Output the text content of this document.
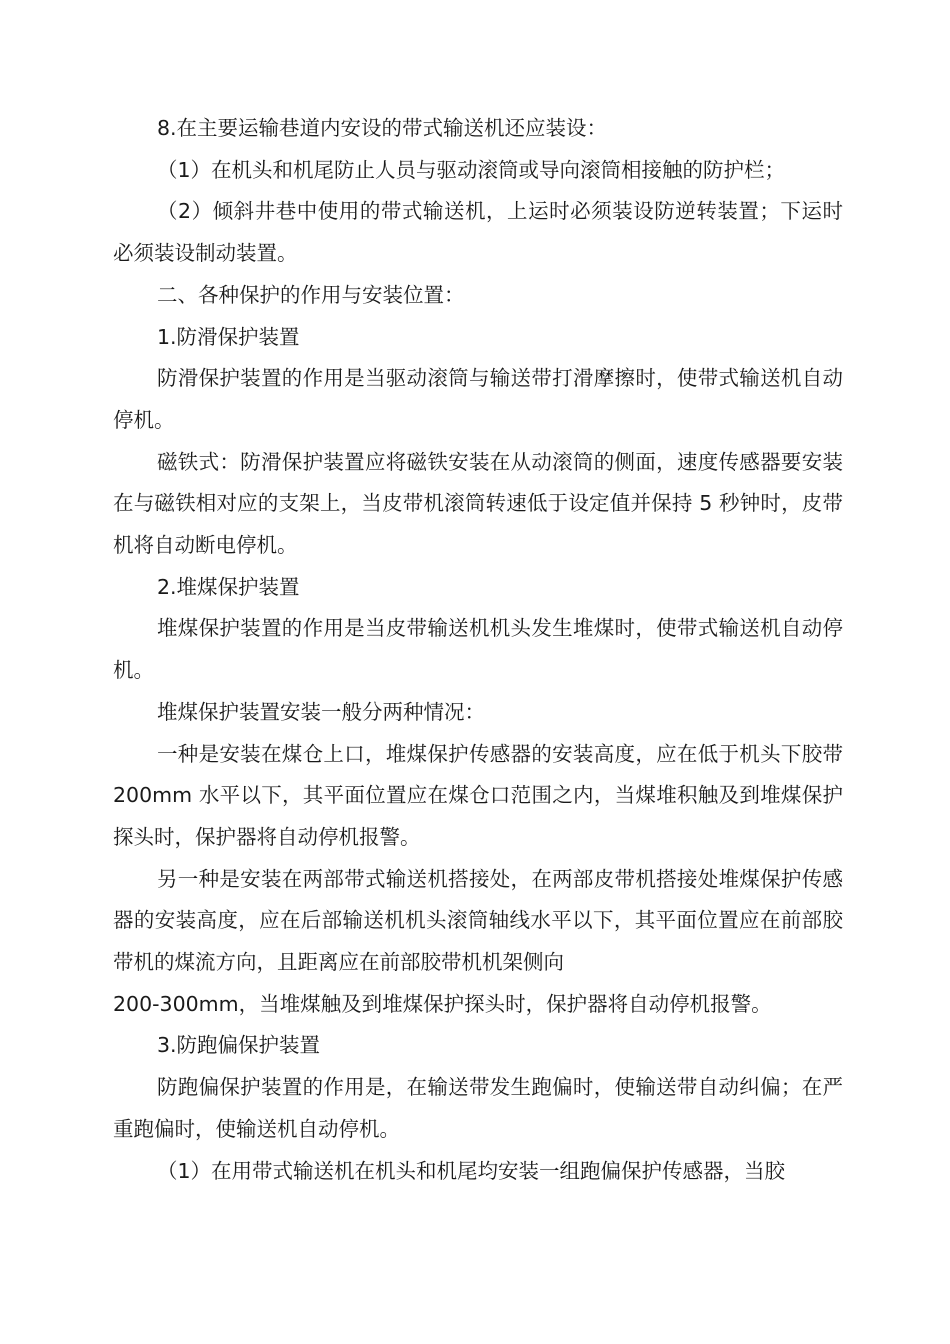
8.在主要运输巷道内安设的带式输送机还应装设：

（1）在机头和机尾防止人员与驱动滚筒或导向滚筒相接触的防护栏；

（2）倾斜井巷中使用的带式输送机，上运时必须装设防逆转装置；下运时必须装设制动装置。

二、各种保护的作用与安装位置：

1.防滑保护装置

防滑保护装置的作用是当驱动滚筒与输送带打滑摩擦时，使带式输送机自动停机。

磁铁式：防滑保护装置应将磁铁安装在从动滚筒的侧面，速度传感器要安装在与磁铁相对应的支架上，当皮带机滚筒转速低于设定值并保持 5 秒钟时，皮带机将自动断电停机。

2.堆煤保护装置

堆煤保护装置的作用是当皮带输送机机头发生堆煤时，使带式输送机自动停机。

堆煤保护装置安装一般分两种情况：

一种是安装在煤仓上口，堆煤保护传感器的安装高度，应在低于机头下胶带 200mm 水平以下，其平面位置应在煤仓口范围之内，当煤堆积触及到堆煤保护探头时，保护器将自动停机报警。

另一种是安装在两部带式输送机搭接处，在两部皮带机搭接处堆煤保护传感器的安装高度，应在后部输送机机头滚筒轴线水平以下，其平面位置应在前部胶带机的煤流方向，且距离应在前部胶带机机架侧向

200-300mm，当堆煤触及到堆煤保护探头时，保护器将自动停机报警。

3.防跑偏保护装置

防跑偏保护装置的作用是，在输送带发生跑偏时，使输送带自动纠偏；在严重跑偏时，使输送机自动停机。

（1）在用带式输送机在机头和机尾均安装一组跑偏保护传感器，当胶
